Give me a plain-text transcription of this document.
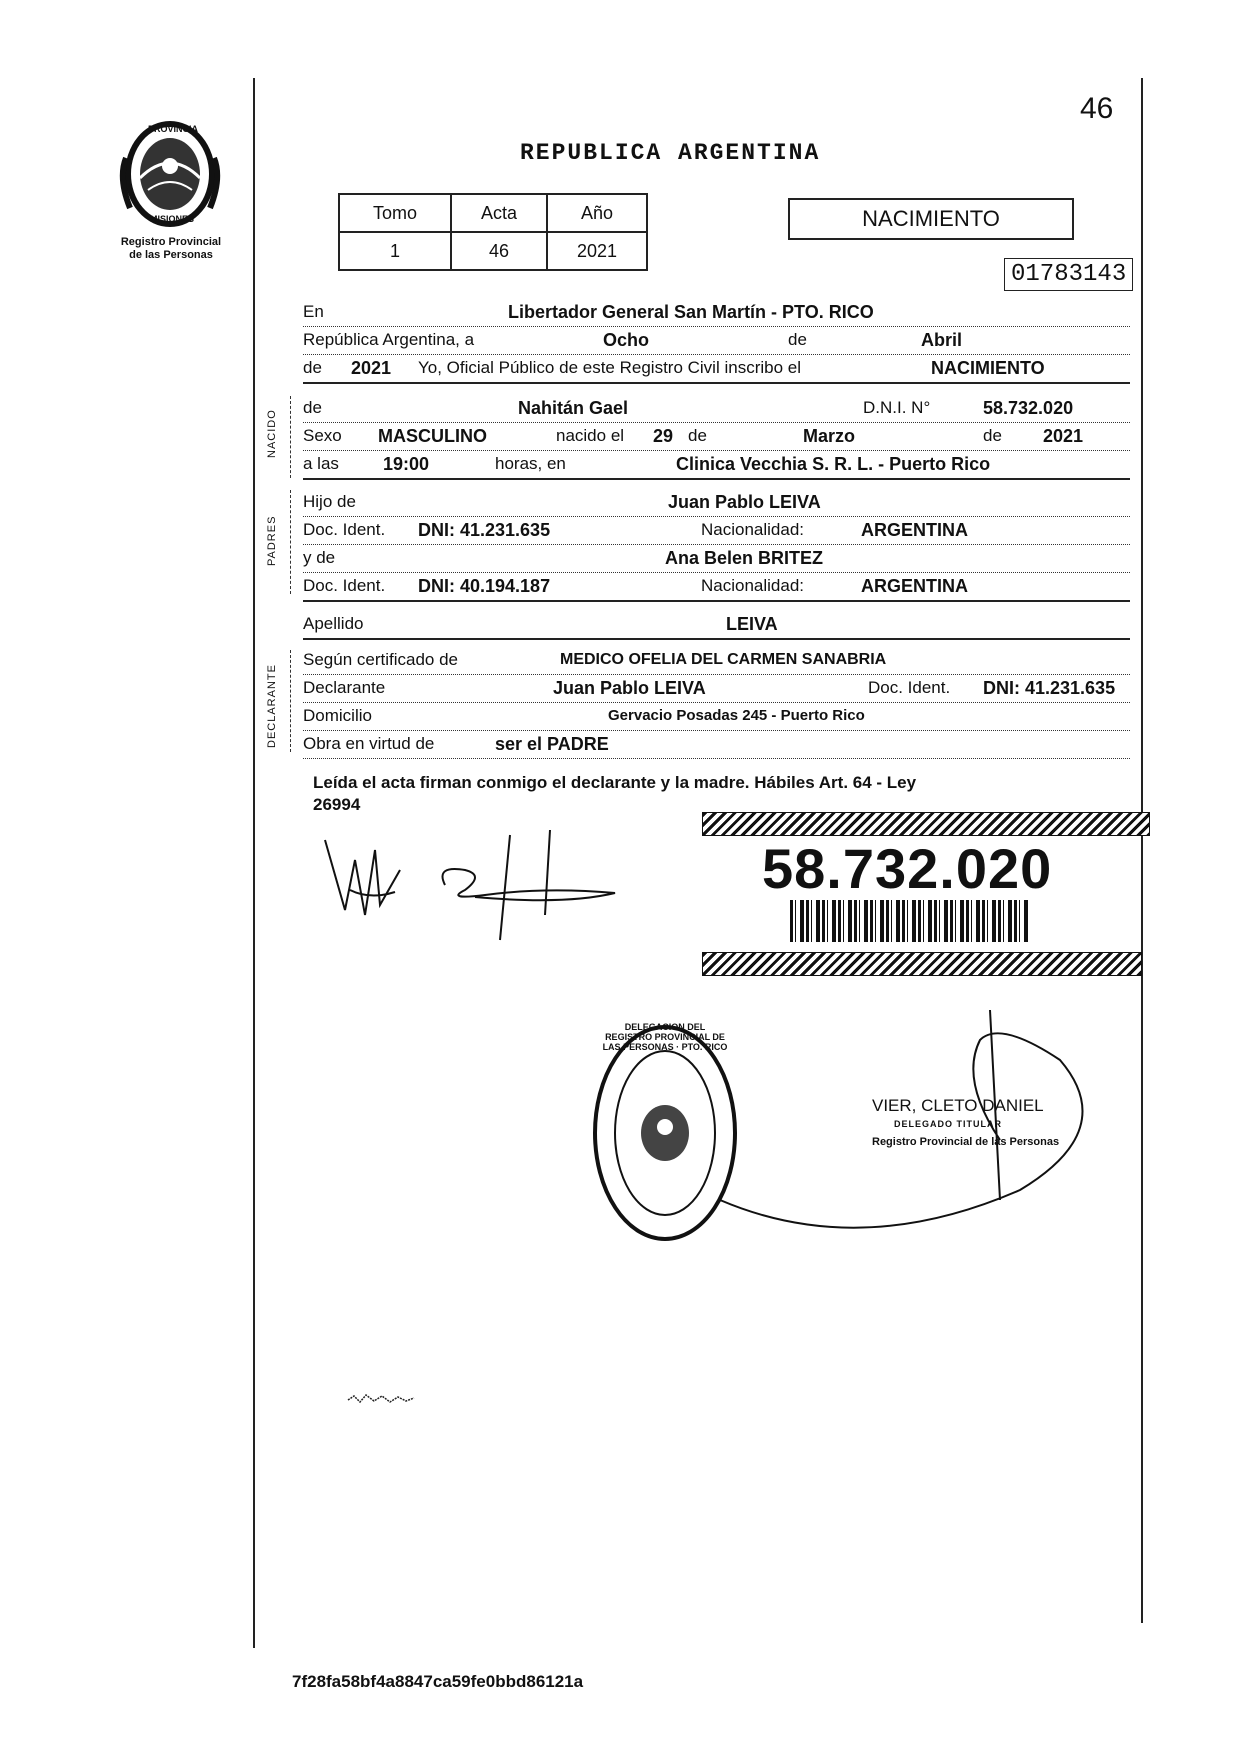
PROVINCIA
MISIONES
Registro Provincial
de las Personas
46
REPUBLICA ARGENTINA
Tomo	Acta	Año
1	46	2021
NACIMIENTO
01783143
En	Libertador General San Martín - PTO. RICO
República Argentina, a	Ocho	de	Abril
de 2021 Yo, Oficial Público de este Registro Civil inscribo el	NACIMIENTO
NACIDO
de	Nahitán Gael	D.N.I. N°	58.732.020
Sexo MASCULINO	nacido el 29 de	Marzo	de 2021
a las 19:00	horas, en	Clinica Vecchia S. R. L. - Puerto Rico
PADRES
Hijo de	Juan Pablo LEIVA
Doc. Ident. DNI: 41.231.635	Nacionalidad:	ARGENTINA
y de	Ana Belen BRITEZ
Doc. Ident. DNI: 40.194.187	Nacionalidad:	ARGENTINA
Apellido	LEIVA
DECLARANTE
Según certificado de	MEDICO OFELIA DEL CARMEN SANABRIA
Declarante	Juan Pablo LEIVA	Doc. Ident. DNI: 41.231.635
Domicilio	Gervacio Posadas 245 - Puerto Rico
Obra en virtud de	ser el PADRE
Leída el acta firman conmigo el declarante y la madre. Hábiles Art. 64 - Ley
26994
58.732.020
DELEGACION DEL REGISTRO PROVINCIAL DE LAS PERSONAS · PTO. RICO
VIER, CLETO DANIEL
DELEGADO TITULAR
Registro Provincial de las Personas
7f28fa58bf4a8847ca59fe0bbd86121a
